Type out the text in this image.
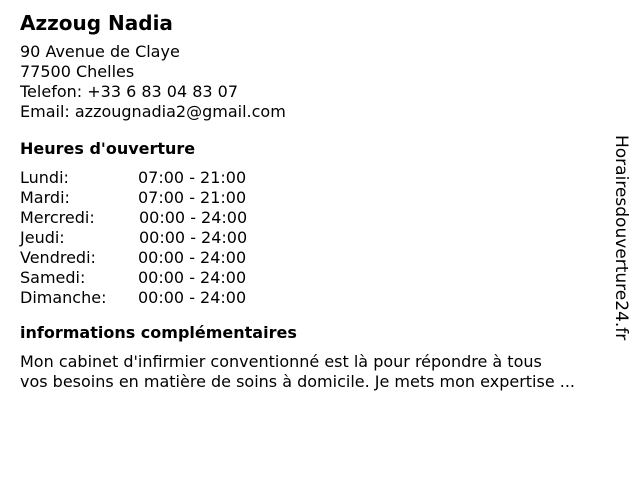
Azzoug Nadia
90 Avenue de Claye
77500 Chelles
Telefon: +33 6 83 04 83 07
Email: azzougnadia2@gmail.com
Heures d'ouverture
Lundi:	07:00 - 21:00
Mardi:	07:00 - 21:00
Mercredi:	00:00 - 24:00
Jeudi:	00:00 - 24:00
Vendredi:	00:00 - 24:00
Samedi:	00:00 - 24:00
Dimanche:	00:00 - 24:00
informations complémentaires
Mon cabinet d'infirmier conventionné est là pour répondre à tous
vos besoins en matière de soins à domicile. Je mets mon expertise ...
Horairesdouverture24.fr
